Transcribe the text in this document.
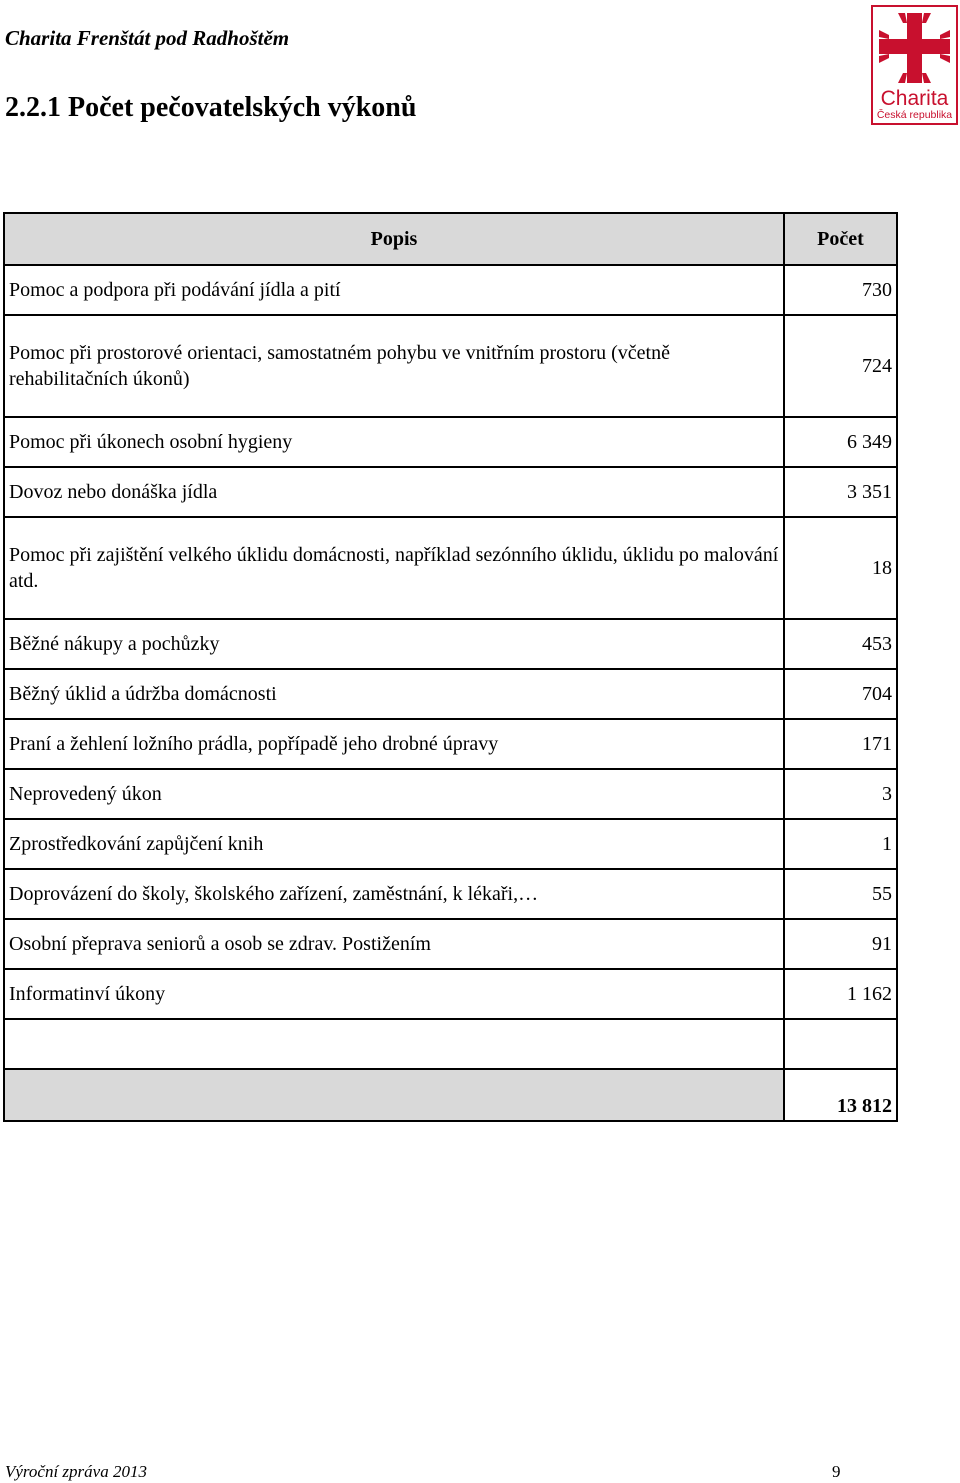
Charita Frenštát pod Radhoštěm
2.2.1 Počet pečovatelských výkonů	Charita
Česká republika
Popis	Počet
Pomoc a podpora při podávání jídla a pití	730
Pomoc při prostorové orientaci, samostatném pohybu ve vnitřním prostoru (včetně rehabilitačních úkonů)	724
Pomoc při úkonech osobní hygieny	6 349
Dovoz nebo donáška jídla	3 351
Pomoc při zajištění velkého úklidu domácnosti, například sezónního úklidu, úklidu po malování atd.	18
Běžné nákupy a pochůzky	453
Běžný úklid a údržba domácnosti	704
Praní a žehlení ložního prádla, popřípadě jeho drobné úpravy	171
Neprovedený úkon	3
Zprostředkování zapůjčení knih	1
Doprovázení do školy, školského zařízení, zaměstnání, k lékaři,…	55
Osobní přeprava seniorů a osob se zdrav. Postižením	91
Informatinví úkony	1 162

	13 812
Výroční zpráva 2013	9
